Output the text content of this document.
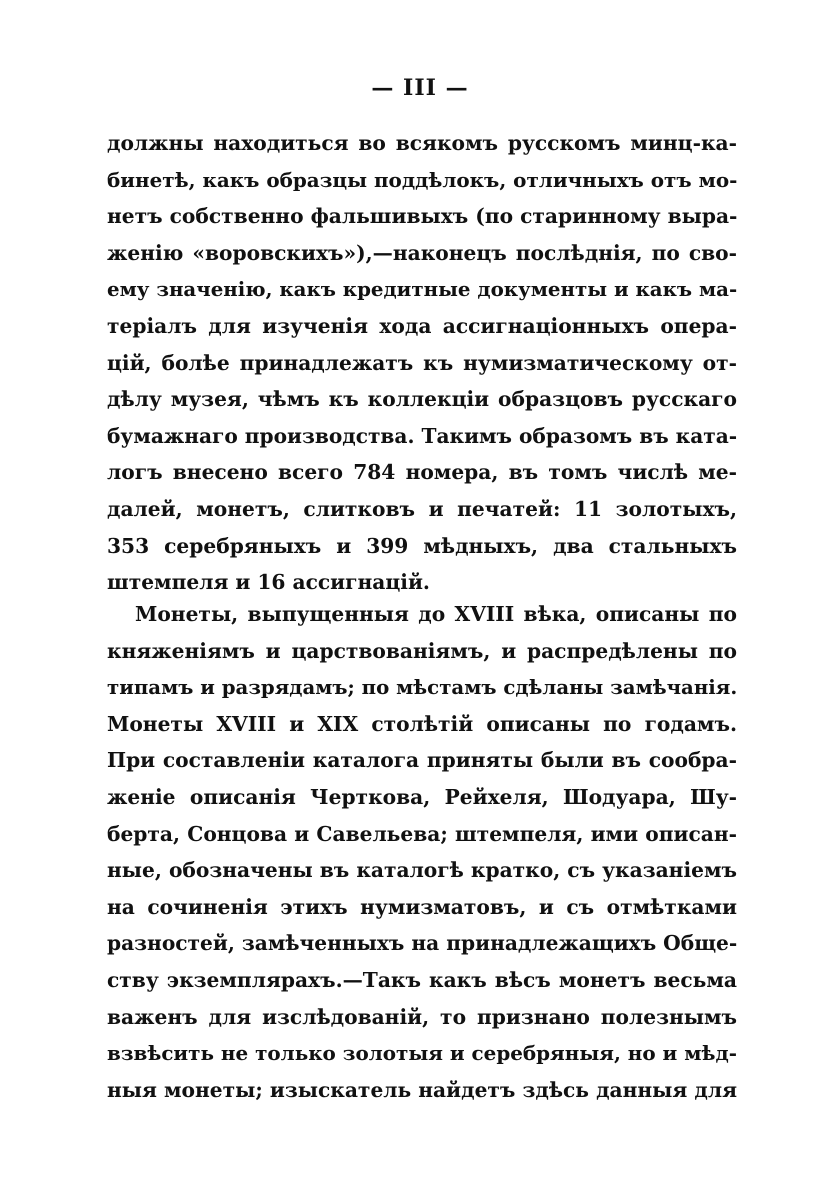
— III —
должны находиться во всякомъ русскомъ минц-ка-
бинетѣ, какъ образцы поддѣлокъ, отличныхъ отъ мо-
нетъ собственно фальшивыхъ (по старинному выра-
женію «воровскихъ»),—наконецъ послѣднія, по сво-
ему значенію, какъ кредитные документы и какъ ма-
теріалъ для изученія хода ассигнаціонныхъ опера-
цій, болѣе принадлежатъ къ нумизматическому от-
дѣлу музея, чѣмъ къ коллекціи образцовъ русскаго
бумажнаго производства. Такимъ образомъ въ ката-
логъ внесено всего 784 номера, въ томъ числѣ ме-
далей, монетъ, слитковъ и печатей: 11 золотыхъ,
353 серебряныхъ и 399 мѣдныхъ, два стальныхъ
штемпеля и 16 ассигнацій.
Монеты, выпущенныя до XVIII вѣка, описаны по
княженіямъ и царствованіямъ, и распредѣлены по
типамъ и разрядамъ; по мѣстамъ сдѣланы замѣчанія.
Монеты XVIII и XIX столѣтій описаны по годамъ.
При составленіи каталога приняты были въ сообра-
женіе описанія Черткова, Рейхеля, Шодуара, Шу-
берта, Сонцова и Савельева; штемпеля, ими описан-
ные, обозначены въ каталогѣ кратко, съ указаніемъ
на сочиненія этихъ нумизматовъ, и съ отмѣтками
разностей, замѣченныхъ на принадлежащихъ Обще-
ству экземплярахъ.—Такъ какъ вѣсъ монетъ весьма
важенъ для изслѣдованій, то признано полезнымъ
взвѣсить не только золотыя и серебряныя, но и мѣд-
ныя монеты; изыскатель найдетъ здѣсь данныя для
